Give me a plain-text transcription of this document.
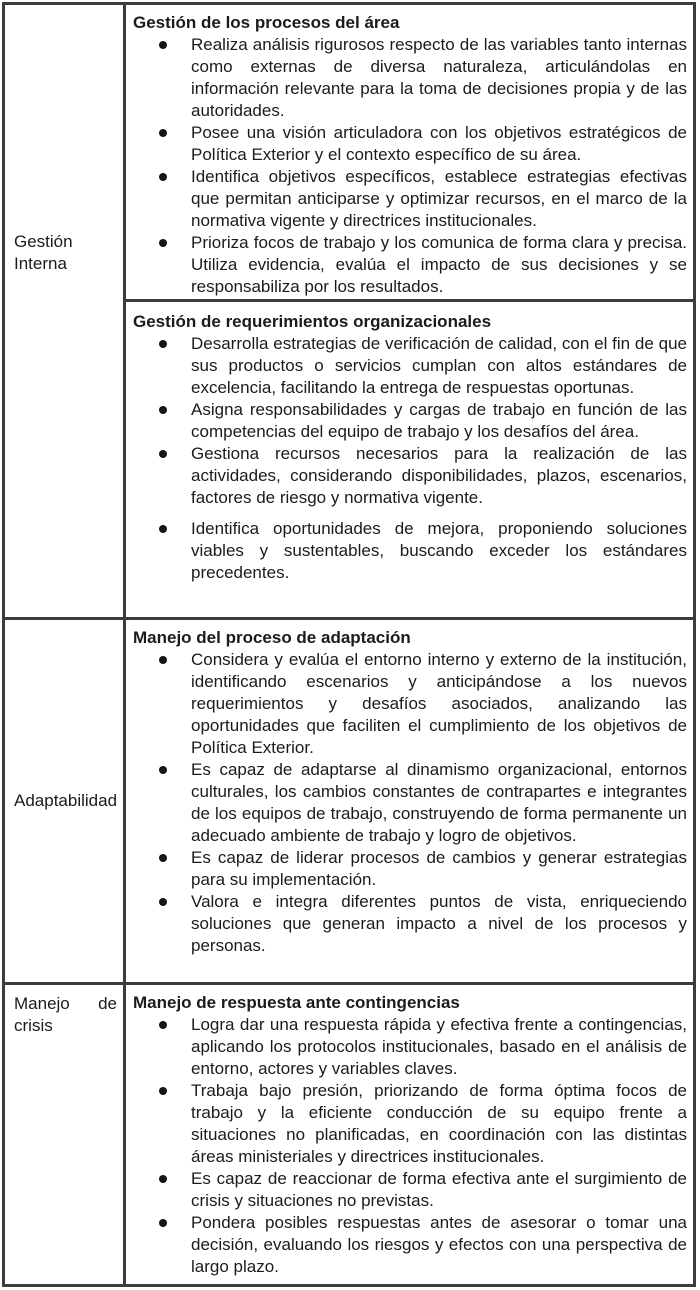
Gestión Interna
Gestión de los procesos del área
Realiza análisis rigurosos respecto de las variables tanto internas como externas de diversa naturaleza, articulándolas en información relevante para la toma de decisiones propia y de las autoridades.
Posee una visión articuladora con los objetivos estratégicos de Política Exterior y el contexto específico de su área.
Identifica objetivos específicos, establece estrategias efectivas que permitan anticiparse y optimizar recursos, en el marco de la normativa vigente y directrices institucionales.
Prioriza focos de trabajo y los comunica de forma clara y precisa. Utiliza evidencia, evalúa el impacto de sus decisiones y se responsabiliza por los resultados.
Gestión de requerimientos organizacionales
Desarrolla estrategias de verificación de calidad, con el fin de que sus productos o servicios cumplan con altos estándares de excelencia, facilitando la entrega de respuestas oportunas.
Asigna responsabilidades y cargas de trabajo en función de las competencias del equipo de trabajo y los desafíos del área.
Gestiona recursos necesarios para la realización de las actividades, considerando disponibilidades, plazos, escenarios, factores de riesgo y normativa vigente.
Identifica oportunidades de mejora, proponiendo soluciones viables y sustentables, buscando exceder los estándares precedentes.
Adaptabilidad
Manejo del proceso de adaptación
Considera y evalúa el entorno interno y externo de la institución, identificando escenarios y anticipándose a los nuevos requerimientos y desafíos asociados, analizando las oportunidades que faciliten el cumplimiento de los objetivos de Política Exterior.
Es capaz de adaptarse al dinamismo organizacional, entornos culturales, los cambios constantes de contrapartes e integrantes de los equipos de trabajo, construyendo de forma permanente un adecuado ambiente de trabajo y logro de objetivos.
Es capaz de liderar procesos de cambios y generar estrategias para su implementación.
Valora e integra diferentes puntos de vista, enriqueciendo soluciones que generan impacto a nivel de los procesos y personas.
Manejo de crisis
Manejo de respuesta ante contingencias
Logra dar una respuesta rápida y efectiva frente a contingencias, aplicando los protocolos institucionales, basado en el análisis de entorno, actores y variables claves.
Trabaja bajo presión, priorizando de forma óptima focos de trabajo y la eficiente conducción de su equipo frente a situaciones no planificadas, en coordinación con las distintas áreas ministeriales y directrices institucionales.
Es capaz de reaccionar de forma efectiva ante el surgimiento de crisis y situaciones no previstas.
Pondera posibles respuestas antes de asesorar o tomar una decisión, evaluando los riesgos y efectos con una perspectiva de largo plazo.
